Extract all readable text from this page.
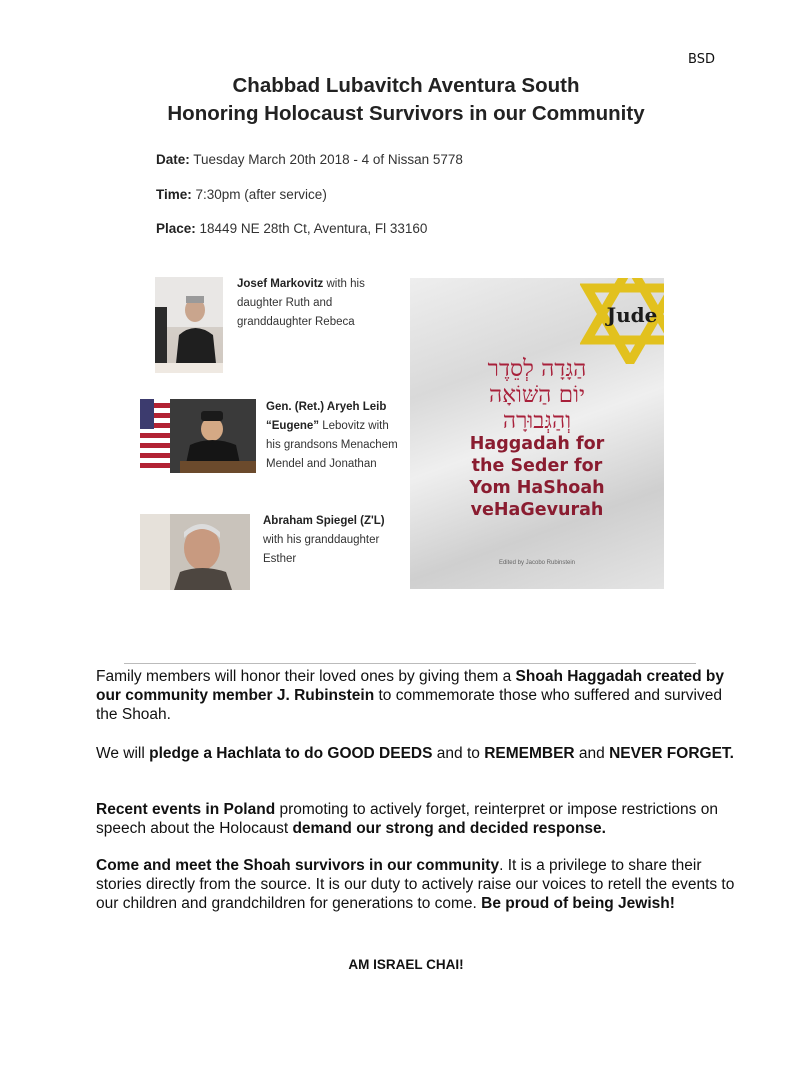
BSD
Chabbad Lubavitch Aventura South
Honoring Holocaust Survivors in our Community
Date: Tuesday March 20th 2018 - 4 of Nissan 5778
Time: 7:30pm (after service)
Place: 18449 NE 28th Ct, Aventura, Fl 33160
Josef Markovitz with his
daughter Ruth and
granddaughter Rebeca
Gen. (Ret.) Aryeh Leib
“Eugene” Lebovitz with
his grandsons Menachem
Mendel and Jonathan
Abraham Spiegel (Z'L)
with his granddaughter
Esther
Jude
הַגָּדָה לְסֵדֶר
יוֹם הַשּׁוֹאָה
וְהַגְּבוּרָה
Haggadah for
the Seder for
Yom HaShoah
veHaGevurah
Edited by Jacobo Rubinstein
Family members will honor their loved ones by giving them a Shoah Haggadah created by our community member J. Rubinstein to commemorate those who suffered and survived the Shoah.
We will pledge a Hachlata to do GOOD DEEDS and to REMEMBER and NEVER FORGET.
Recent events in Poland promoting to actively forget, reinterpret or impose restrictions on speech about the Holocaust demand our strong and decided response.
Come and meet the Shoah survivors in our community. It is a privilege to share their stories directly from the source. It is our duty to actively raise our voices to retell the events to our children and grandchildren for generations to come. Be proud of being Jewish!
AM ISRAEL CHAI!
